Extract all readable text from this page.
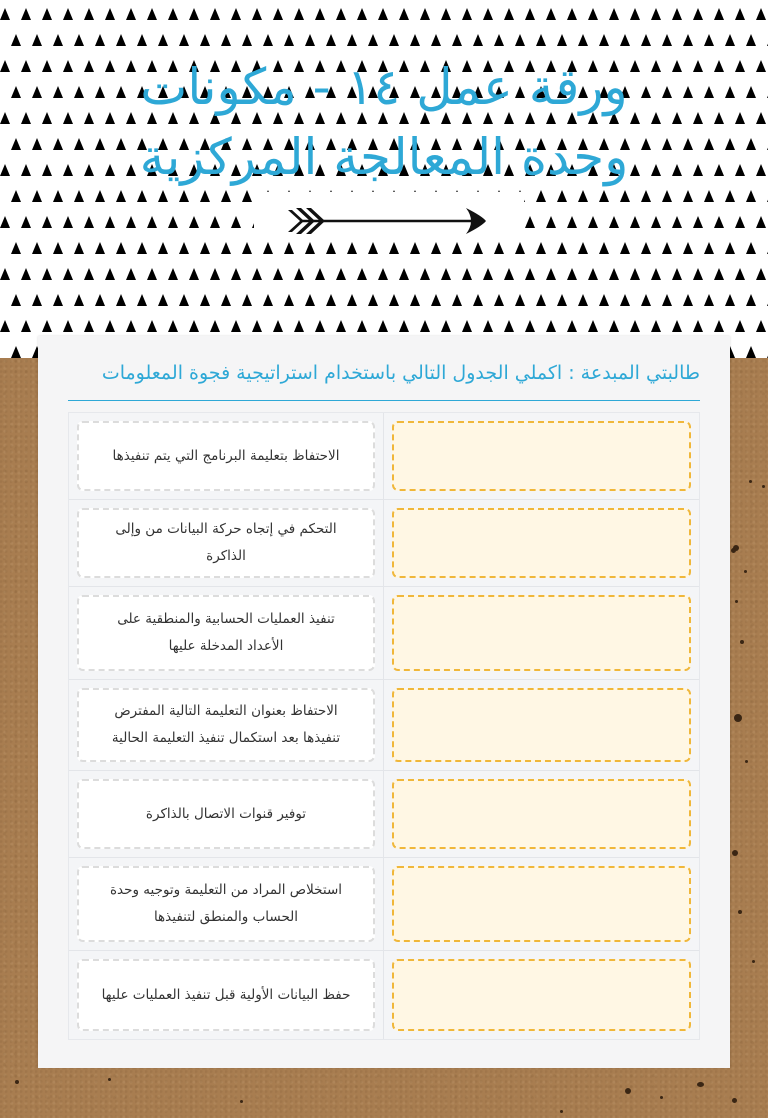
ورقة عمل ١٤ - مكونات
وحدة المعالجة المركزية
طالبتي المبدعة : اكملي الجدول التالي باستخدام استراتيجية فجوة المعلومات
الاحتفاظ بتعليمة البرنامج التي يتم تنفيذها
التحكم في إتجاه حركة البيانات من وإلى الذاكرة
تنفيذ العمليات الحسابية والمنطقية على الأعداد المدخلة عليها
الاحتفاظ بعنوان التعليمة التالية المفترض تنفيذها بعد استكمال تنفيذ التعليمة الحالية
توفير قنوات الاتصال بالذاكرة
استخلاص المراد من التعليمة وتوجيه وحدة الحساب والمنطق لتنفيذها
حفظ البيانات الأولية قبل تنفيذ العمليات عليها
